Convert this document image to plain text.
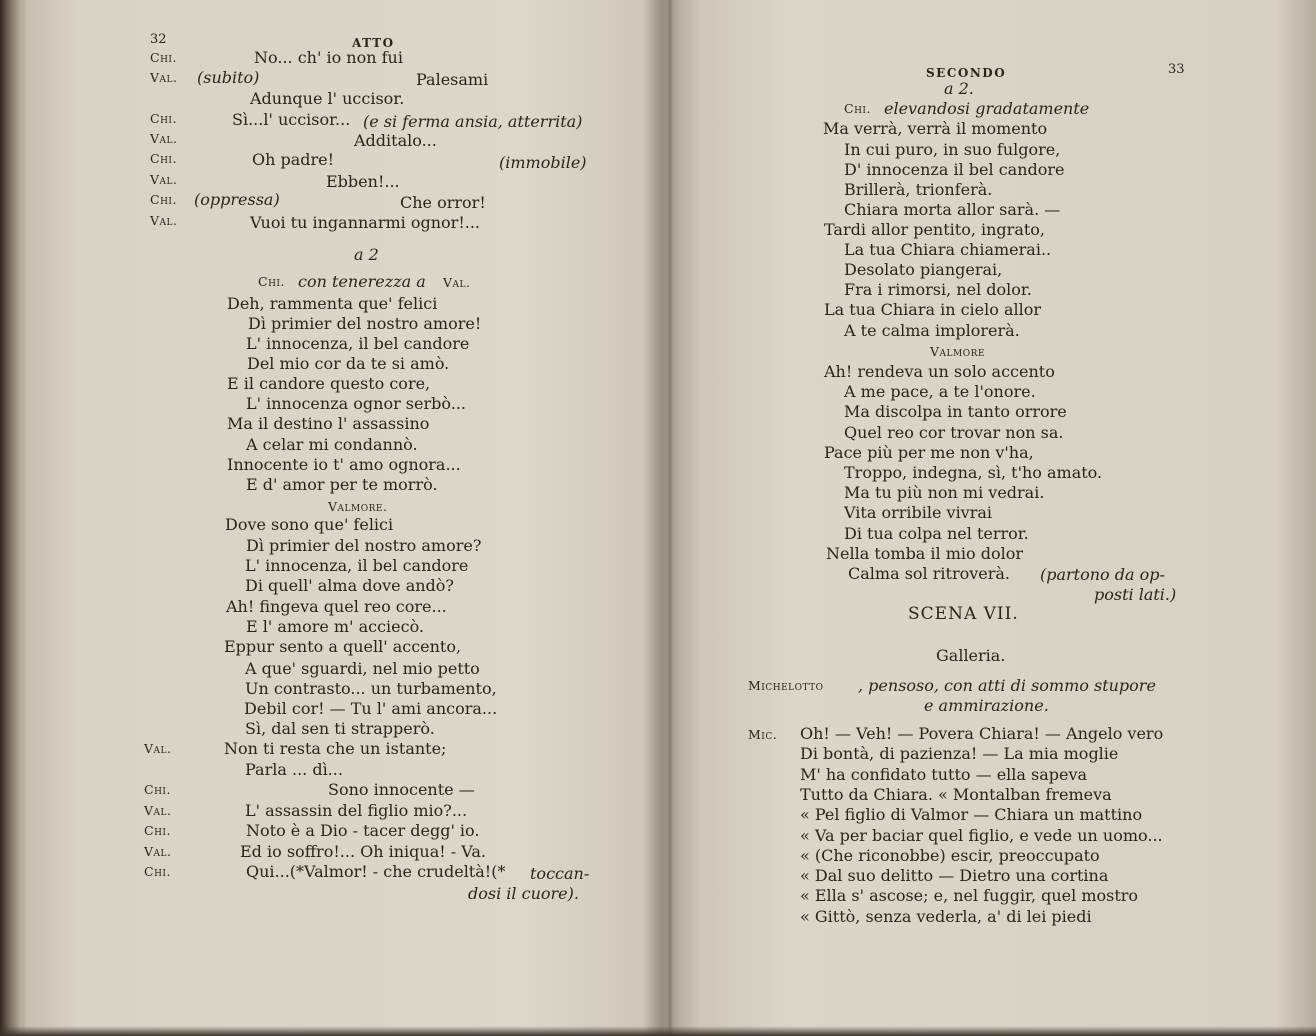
32	ATTO
Chi.	No... ch' io non fui
Val. (subito)	Palesami
Adunque l' uccisor.
Chi.	Sì...l' uccisor... (e si ferma ansia, atterrita)
Val.	Additalo...
Chi.	Oh padre!	(immobile)
Val.	Ebben!...
Chi. (oppressa)	Che orror!
Val.	Vuoi tu ingannarmi ognor!...
a 2
Chi. con tenerezza a Val.
Deh, rammenta que' felici
Dì primier del nostro amore!
L' innocenza, il bel candore
Del mio cor da te si amò.
E il candore questo core,
L' innocenza ognor serbò...
Ma il destino l' assassino
A celar mi condannò.
Innocente io t' amo ognora...
E d' amor per te morrò.
Valmore.
Dove sono que' felici
Dì primier del nostro amore?
L' innocenza, il bel candore
Di quell' alma dove andò?
Ah! fingeva quel reo core...
E l' amore m' acciecò.
Eppur sento a quell' accento,
A que' sguardi, nel mio petto
Un contrasto... un turbamento,
Debil cor! — Tu l' ami ancora...
Sì, dal sen ti strapperò.
Val.	Non ti resta che un istante;
Parla ... dì...
Chi.	Sono innocente —
Val.	L' assassin del figlio mio?...
Chi.	Noto è a Dio - tacer degg' io.
Val.	Ed io soffro!... Oh iniqua! - Va.
Chi.	Qui...(*Valmor! - che crudeltà!(* toccan-
dosi il cuore).
SECONDO	33
a 2.
Chi. elevandosi gradatamente
Ma verrà, verrà il momento
In cui puro, in suo fulgore,
D' innocenza il bel candore
Brillerà, trionferà.
Chiara morta allor sarà. —
Tardi allor pentito, ingrato,
La tua Chiara chiamerai..
Desolato piangerai,
Fra i rimorsi, nel dolor.
La tua Chiara in cielo allor
A te calma implorerà.
Valmore
Ah! rendeva un solo accento
A me pace, a te l'onore.
Ma discolpa in tanto orrore
Quel reo cor trovar non sa.
Pace più per me non v'ha,
Troppo, indegna, sì, t'ho amato.
Ma tu più non mi vedrai.
Vita orribile vivrai
Di tua colpa nel terror.
Nella tomba il mio dolor
Calma sol ritroverà. (partono da op-
posti lati.)
SCENA VII.
Galleria.
Michelotto , pensoso, con atti di sommo stupore
e ammirazione.
Mic. Oh! — Veh! — Povera Chiara! — Angelo vero
Di bontà, di pazienza! — La mia moglie
M' ha confidato tutto — ella sapeva
Tutto da Chiara. « Montalban fremeva
« Pel figlio di Valmor — Chiara un mattino
« Va per baciar quel figlio, e vede un uomo...
« (Che riconobbe) escir, preoccupato
« Dal suo delitto — Dietro una cortina
« Ella s' ascose; e, nel fuggir, quel mostro
« Gittò, senza vederla, a' di lei piedi
